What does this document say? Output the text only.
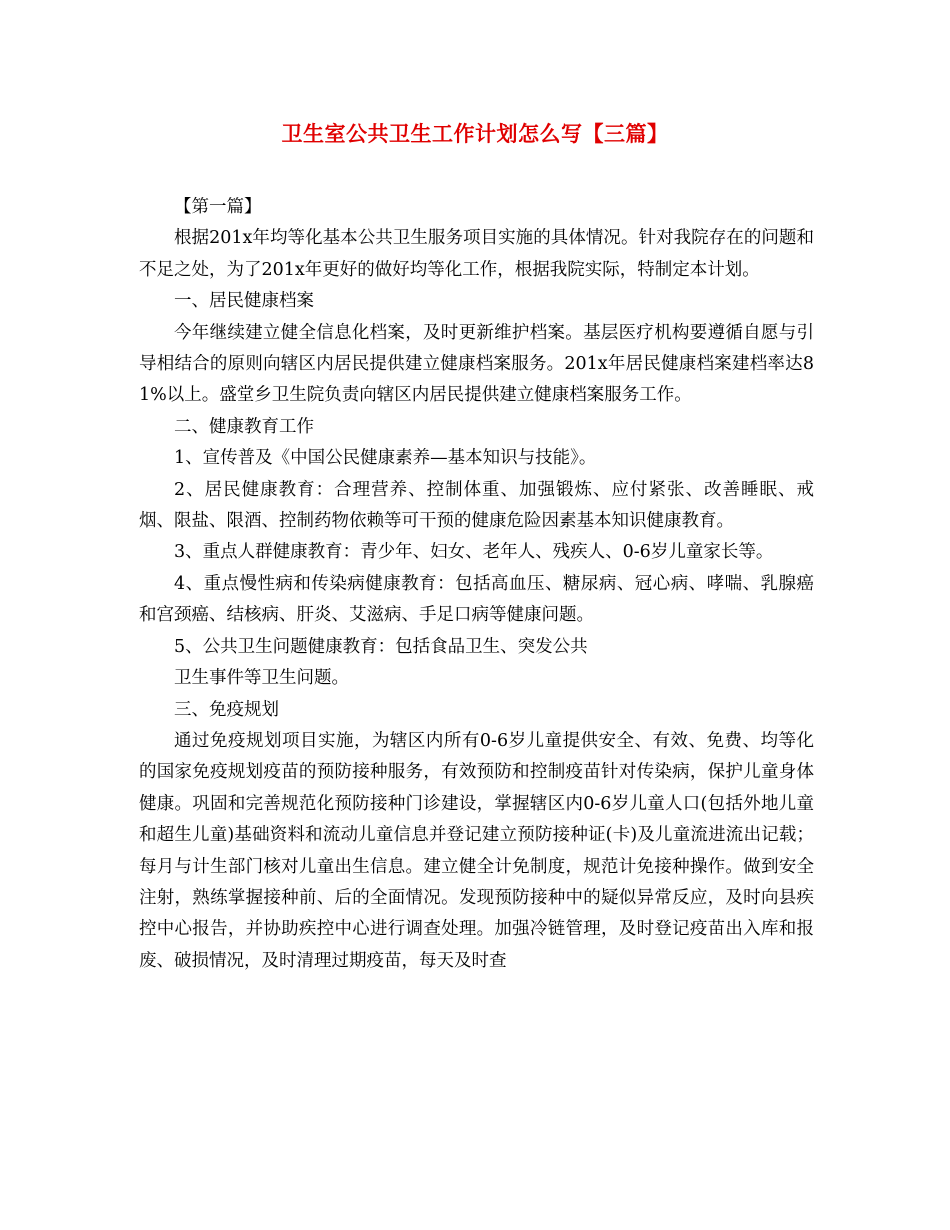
卫生室公共卫生工作计划怎么写【三篇】

【第一篇】

根据201x年均等化基本公共卫生服务项目实施的具体情况。针对我院存在的问题和不足之处，为了201x年更好的做好均等化工作，根据我院实际，特制定本计划。

一、居民健康档案

今年继续建立健全信息化档案，及时更新维护档案。基层医疗机构要遵循自愿与引导相结合的原则向辖区内居民提供建立健康档案服务。201x年居民健康档案建档率达81%以上。盛堂乡卫生院负责向辖区内居民提供建立健康档案服务工作。

二、健康教育工作

1、宣传普及《中国公民健康素养—基本知识与技能》。

2、居民健康教育：合理营养、控制体重、加强锻炼、应付紧张、改善睡眠、戒烟、限盐、限酒、控制药物依赖等可干预的健康危险因素基本知识健康教育。

3、重点人群健康教育：青少年、妇女、老年人、残疾人、0-6岁儿童家长等。

4、重点慢性病和传染病健康教育：包括高血压、糖尿病、冠心病、哮喘、乳腺癌和宫颈癌、结核病、肝炎、艾滋病、手足口病等健康问题。

5、公共卫生问题健康教育：包括食品卫生、突发公共

卫生事件等卫生问题。

三、免疫规划

通过免疫规划项目实施，为辖区内所有0-6岁儿童提供安全、有效、免费、均等化的国家免疫规划疫苗的预防接种服务，有效预防和控制疫苗针对传染病，保护儿童身体健康。巩固和完善规范化预防接种门诊建设，掌握辖区内0-6岁儿童人口(包括外地儿童和超生儿童)基础资料和流动儿童信息并登记建立预防接种证(卡)及儿童流进流出记载；每月与计生部门核对儿童出生信息。建立健全计免制度，规范计免接种操作。做到安全注射，熟练掌握接种前、后的全面情况。发现预防接种中的疑似异常反应，及时向县疾控中心报告，并协助疾控中心进行调查处理。加强冷链管理，及时登记疫苗出入库和报废、破损情况，及时清理过期疫苗，每天及时查
